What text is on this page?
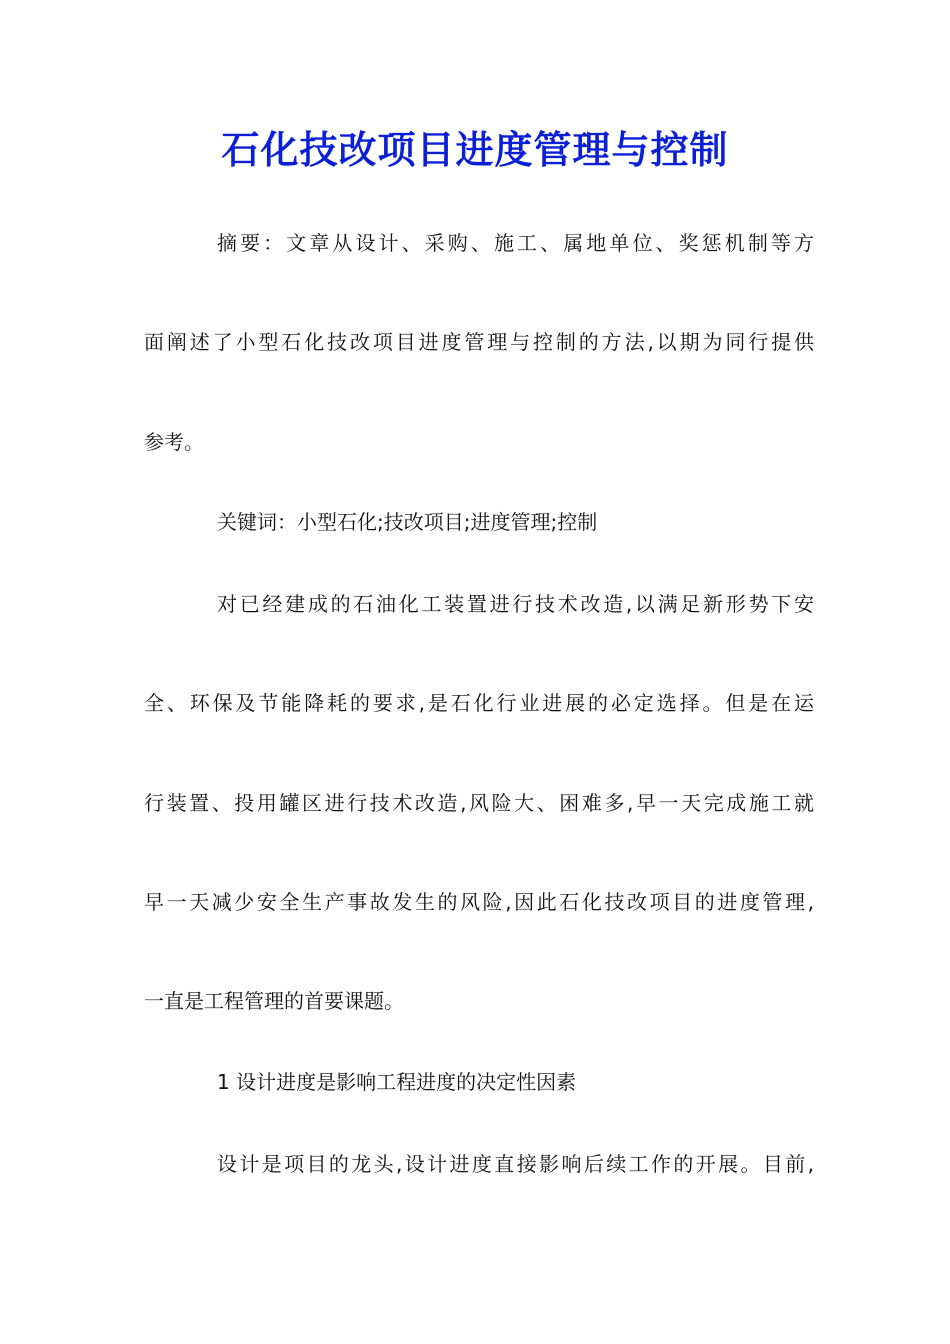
石化技改项目进度管理与控制
摘要：文章从设计、采购、施工、属地单位、奖惩机制等方
面阐述了小型石化技改项目进度管理与控制的方法,以期为同行提供
参考。
关键词：小型石化;技改项目;进度管理;控制
对已经建成的石油化工装置进行技术改造,以满足新形势下安
全、环保及节能降耗的要求,是石化行业进展的必定选择。但是在运
行装置、投用罐区进行技术改造,风险大、困难多,早一天完成施工就
早一天减少安全生产事故发生的风险,因此石化技改项目的进度管理,
一直是工程管理的首要课题。
1 设计进度是影响工程进度的决定性因素
设计是项目的龙头,设计进度直接影响后续工作的开展。目前,
